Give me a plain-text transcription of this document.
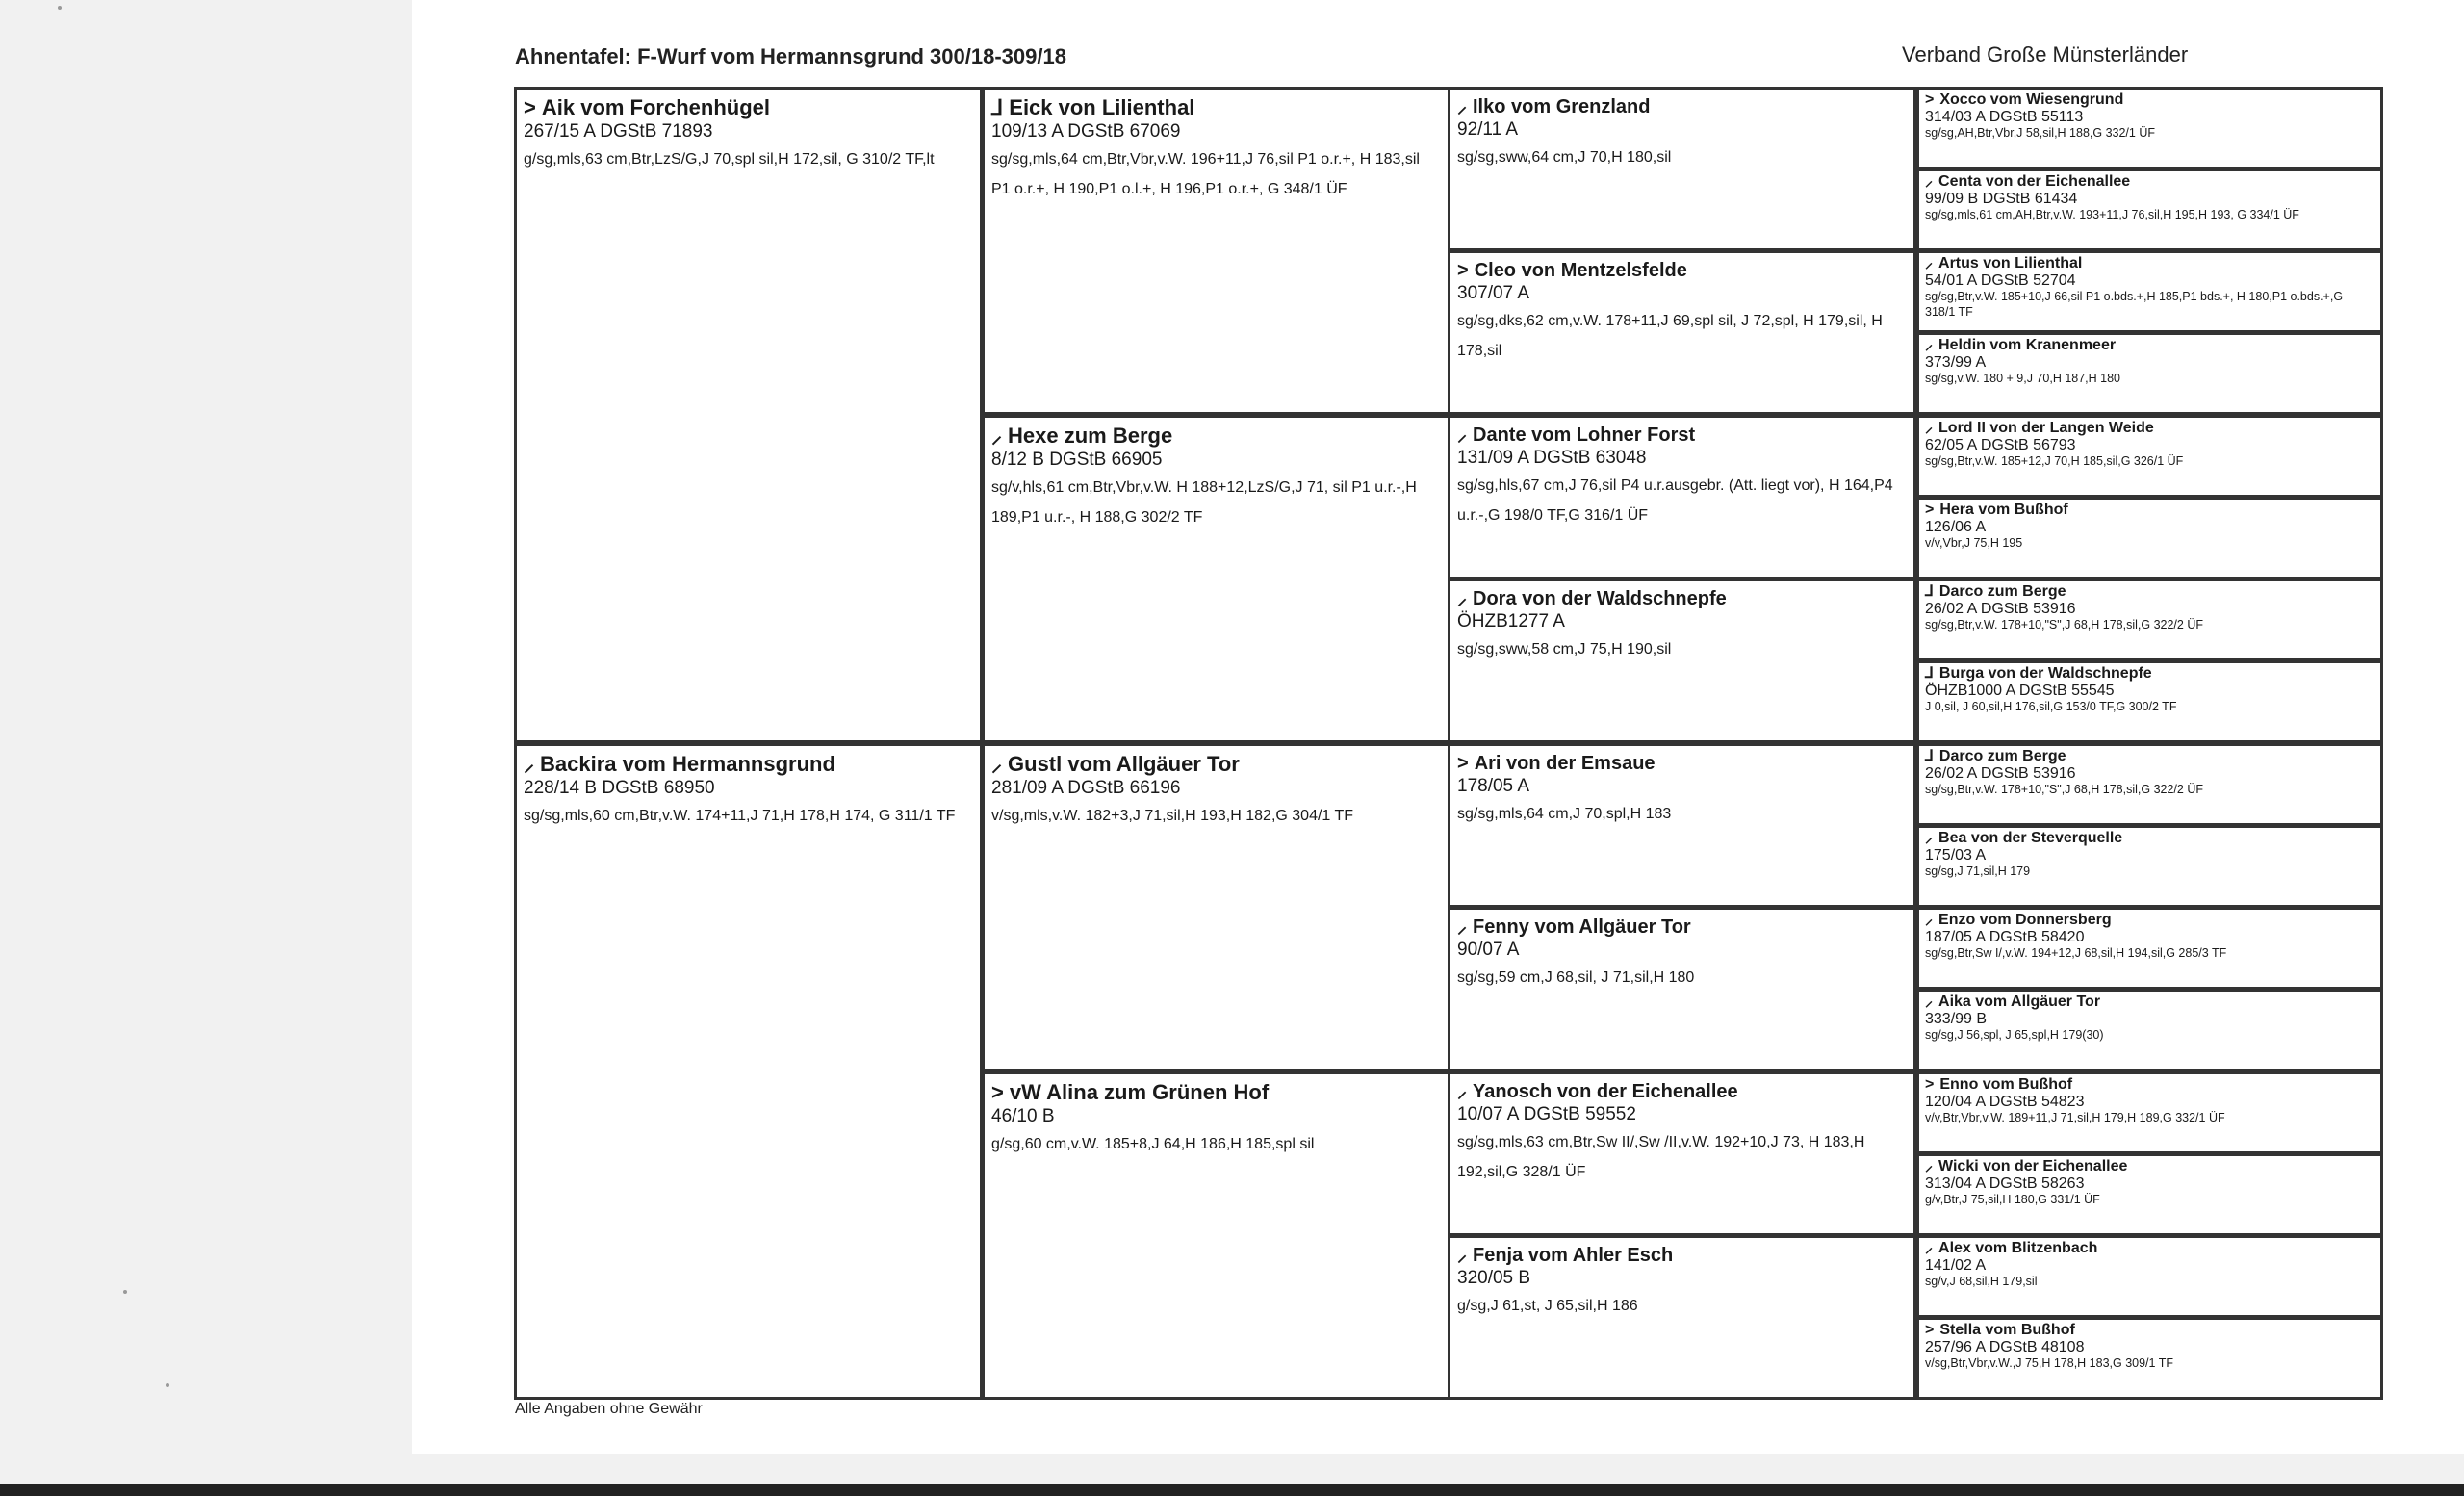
Ahnentafel: F-Wurf vom Hermannsgrund 300/18-309/18	Verband Große Münsterländer
> Aik vom Forchenhügel
267/15 A DGStB 71893
g/sg,mls,63 cm,Btr,LzS/G,J 70,spl sil,H 172,sil, G 310/2 TF,lt
⸝ Backira vom Hermannsgrund
228/14 B DGStB 68950
sg/sg,mls,60 cm,Btr,v.W. 174+11,J 71,H 178,H 174, G 311/1 TF
⅃ Eick von Lilienthal
109/13 A DGStB 67069
sg/sg,mls,64 cm,Btr,Vbr,v.W. 196+11,J 76,sil P1 o.r.+, H 183,sil P1 o.r.+, H 190,P1 o.l.+, H 196,P1 o.r.+, G 348/1 ÜF
⸝ Hexe zum Berge
8/12 B DGStB 66905
sg/v,hls,61 cm,Btr,Vbr,v.W. H 188+12,LzS/G,J 71, sil P1 u.r.-,H 189,P1 u.r.-, H 188,G 302/2 TF
⸝ Gustl vom Allgäuer Tor
281/09 A DGStB 66196
v/sg,mls,v.W. 182+3,J 71,sil,H 193,H 182,G 304/1 TF
> vW Alina zum Grünen Hof
46/10 B
g/sg,60 cm,v.W. 185+8,J 64,H 186,H 185,spl sil
⸝ Ilko vom Grenzland
92/11 A
sg/sg,sww,64 cm,J 70,H 180,sil
> Cleo von Mentzelsfelde
307/07 A
sg/sg,dks,62 cm,v.W. 178+11,J 69,spl sil, J 72,spl, H 179,sil, H 178,sil
⸝ Dante vom Lohner Forst
131/09 A DGStB 63048
sg/sg,hls,67 cm,J 76,sil P4 u.r.ausgebr. (Att. liegt vor), H 164,P4 u.r.-,G 198/0 TF,G 316/1 ÜF
⸝ Dora von der Waldschnepfe
ÖHZB1277 A
sg/sg,sww,58 cm,J 75,H 190,sil
> Ari von der Emsaue
178/05 A
sg/sg,mls,64 cm,J 70,spl,H 183
⸝ Fenny vom Allgäuer Tor
90/07 A
sg/sg,59 cm,J 68,sil, J 71,sil,H 180
⸝ Yanosch von der Eichenallee
10/07 A DGStB 59552
sg/sg,mls,63 cm,Btr,Sw II/,Sw /II,v.W. 192+10,J 73, H 183,H 192,sil,G 328/1 ÜF
⸝ Fenja vom Ahler Esch
320/05 B
g/sg,J 61,st, J 65,sil,H 186
> Xocco vom Wiesengrund
314/03 A DGStB 55113
sg/sg,AH,Btr,Vbr,J 58,sil,H 188,G 332/1 ÜF
⸝ Centa von der Eichenallee
99/09 B DGStB 61434
sg/sg,mls,61 cm,AH,Btr,v.W. 193+11,J 76,sil,H 195,H 193, G 334/1 ÜF
⸝ Artus von Lilienthal
54/01 A DGStB 52704
sg/sg,Btr,v.W. 185+10,J 66,sil P1 o.bds.+,H 185,P1 bds.+, H 180,P1 o.bds.+,G 318/1 TF
⸝ Heldin vom Kranenmeer
373/99 A
sg/sg,v.W. 180 + 9,J 70,H 187,H 180
⸝ Lord II von der Langen Weide
62/05 A DGStB 56793
sg/sg,Btr,v.W. 185+12,J 70,H 185,sil,G 326/1 ÜF
> Hera vom Bußhof
126/06 A
v/v,Vbr,J 75,H 195
⅃ Darco zum Berge
26/02 A DGStB 53916
sg/sg,Btr,v.W. 178+10,"S",J 68,H 178,sil,G 322/2 ÜF
⅃ Burga von der Waldschnepfe
ÖHZB1000 A DGStB 55545
J 0,sil, J 60,sil,H 176,sil,G 153/0 TF,G 300/2 TF
⅃ Darco zum Berge
26/02 A DGStB 53916
sg/sg,Btr,v.W. 178+10,"S",J 68,H 178,sil,G 322/2 ÜF
⸝ Bea von der Steverquelle
175/03 A
sg/sg,J 71,sil,H 179
⸝ Enzo vom Donnersberg
187/05 A DGStB 58420
sg/sg,Btr,Sw I/,v.W. 194+12,J 68,sil,H 194,sil,G 285/3 TF
⸝ Aika vom Allgäuer Tor
333/99 B
sg/sg,J 56,spl, J 65,spl,H 179(30)
> Enno vom Bußhof
120/04 A DGStB 54823
v/v,Btr,Vbr,v.W. 189+11,J 71,sil,H 179,H 189,G 332/1 ÜF
⸝ Wicki von der Eichenallee
313/04 A DGStB 58263
g/v,Btr,J 75,sil,H 180,G 331/1 ÜF
⸝ Alex vom Blitzenbach
141/02 A
sg/v,J 68,sil,H 179,sil
> Stella vom Bußhof
257/96 A DGStB 48108
v/sg,Btr,Vbr,v.W.,J 75,H 178,H 183,G 309/1 TF
Alle Angaben ohne Gewähr
